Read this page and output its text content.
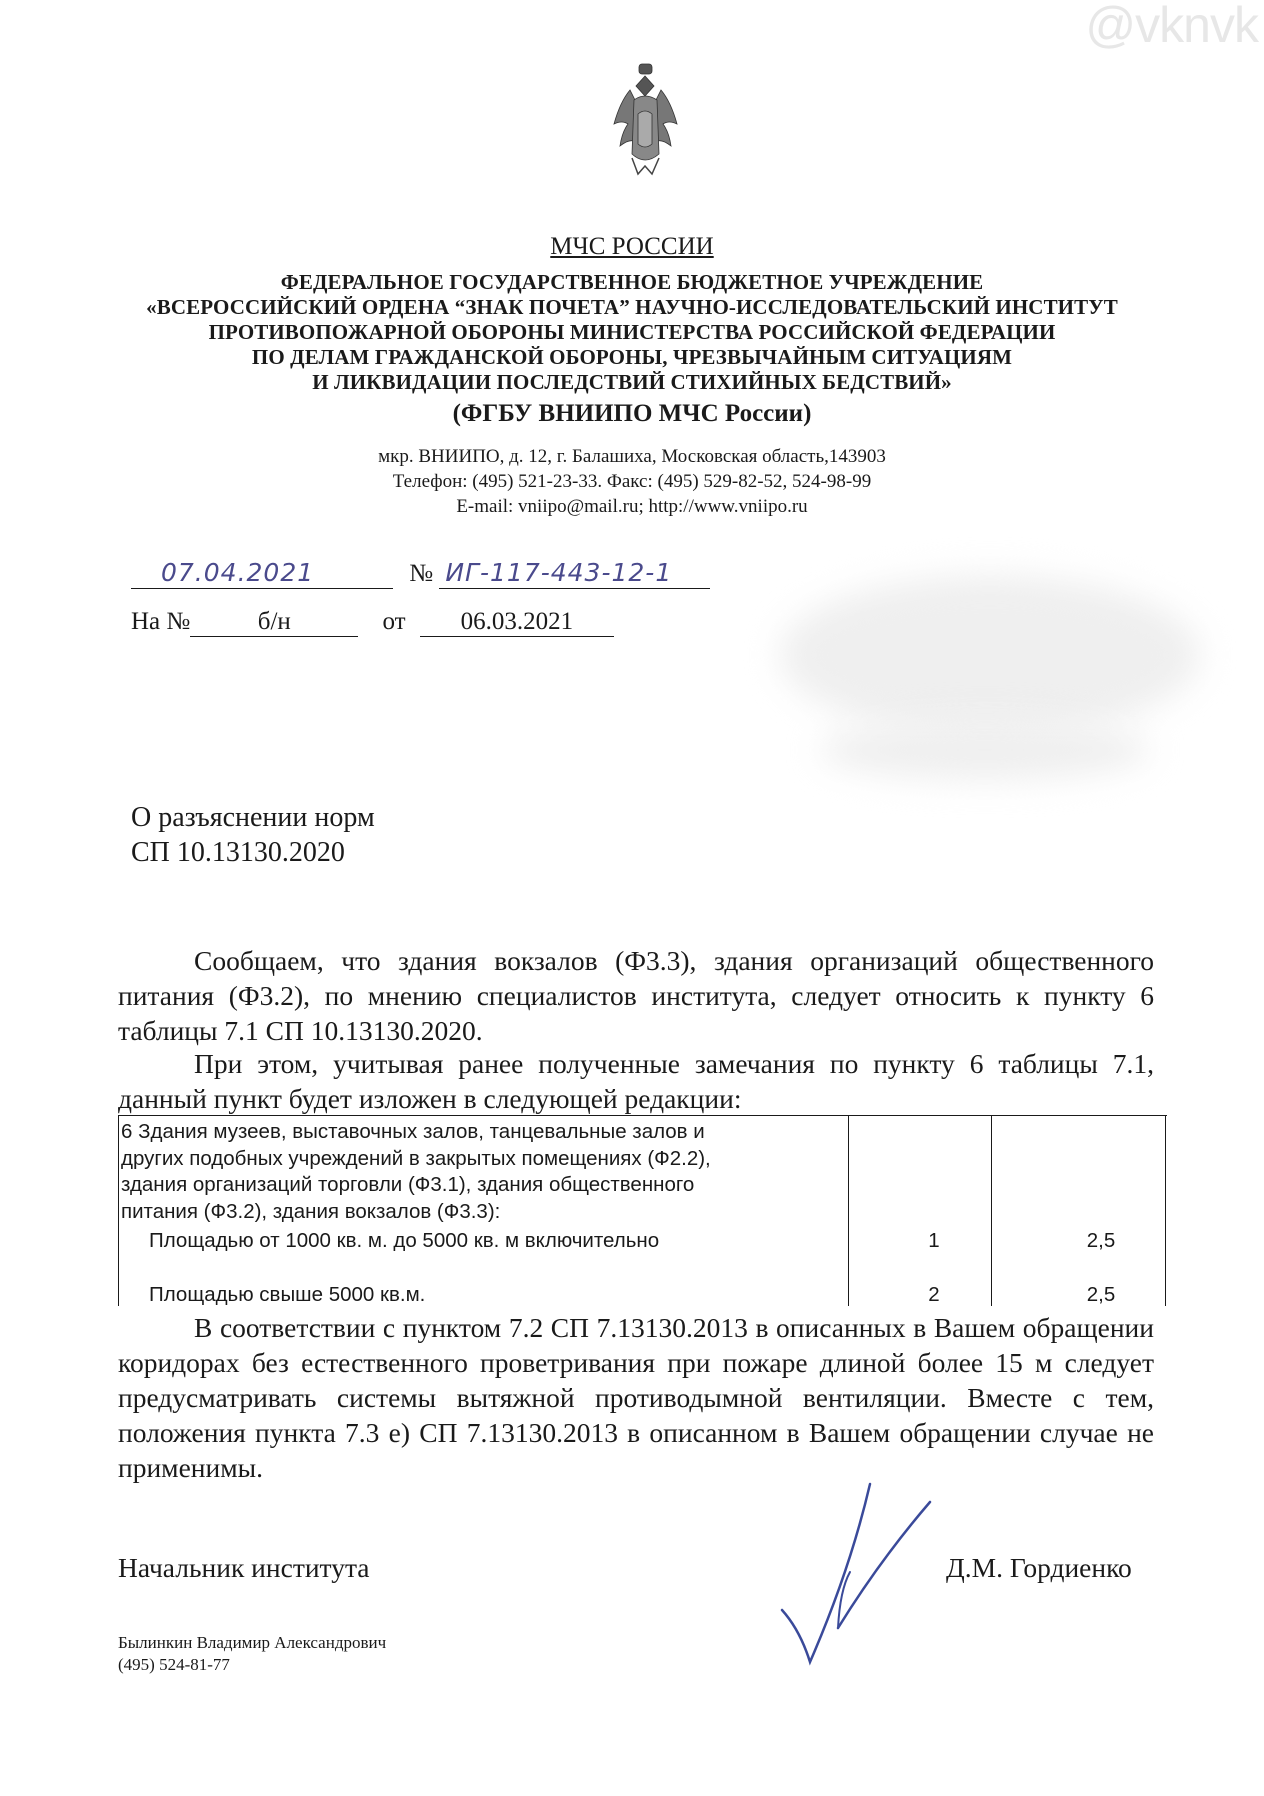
@vknvk
МЧС РОССИИ
ФЕДЕРАЛЬНОЕ ГОСУДАРСТВЕННОЕ БЮДЖЕТНОЕ УЧРЕЖДЕНИЕ
«ВСЕРОССИЙСКИЙ ОРДЕНА “ЗНАК ПОЧЕТА” НАУЧНО-ИССЛЕДОВАТЕЛЬСКИЙ ИНСТИТУТ
ПРОТИВОПОЖАРНОЙ ОБОРОНЫ МИНИСТЕРСТВА РОССИЙСКОЙ ФЕДЕРАЦИИ
ПО ДЕЛАМ ГРАЖДАНСКОЙ ОБОРОНЫ, ЧРЕЗВЫЧАЙНЫМ СИТУАЦИЯМ
И ЛИКВИДАЦИИ ПОСЛЕДСТВИЙ СТИХИЙНЫХ БЕДСТВИЙ»
(ФГБУ ВНИИПО МЧС России)
мкр. ВНИИПО, д. 12, г. Балашиха, Московская область,143903
Телефон: (495) 521-23-33. Факс: (495) 529-82-52, 524-98-99
E-mail: vniipo@mail.ru; http://www.vniipo.ru
07.04.2021	№ ИГ-117-443-12-1
На №	б/н	от 06.03.2021
О разъяснении норм
СП 10.13130.2020

Сообщаем, что здания вокзалов (Ф3.3), здания организаций общественного питания (Ф3.2), по мнению специалистов института, следует относить к пункту 6 таблицы 7.1 СП 10.13130.2020.

При этом, учитывая ранее полученные замечания по пункту 6 таблицы 7.1, данный пункт будет изложен в следующей редакции:

6 Здания музеев, выставочных залов, танцевальные залов и
других подобных учреждений в закрытых помещениях (Ф2.2),
здания организаций торговли (Ф3.1), здания общественного
питания (Ф3.2), здания вокзалов (Ф3.3):
Площадью от 1000 кв. м. до 5000 кв. м включительно	1	2,5
Площадью свыше 5000 кв.м.	2	2,5

В соответствии с пунктом 7.2 СП 7.13130.2013 в описанных в Вашем обращении коридорах без естественного проветривания при пожаре длиной более 15 м следует предусматривать системы вытяжной противодымной вентиляции. Вместе с тем, положения пункта 7.3 е) СП 7.13130.2013 в описанном в Вашем обращении случае не применимы.

Начальник института	Д.М. Гордиенко
Былинкин Владимир Александрович
(495) 524-81-77
